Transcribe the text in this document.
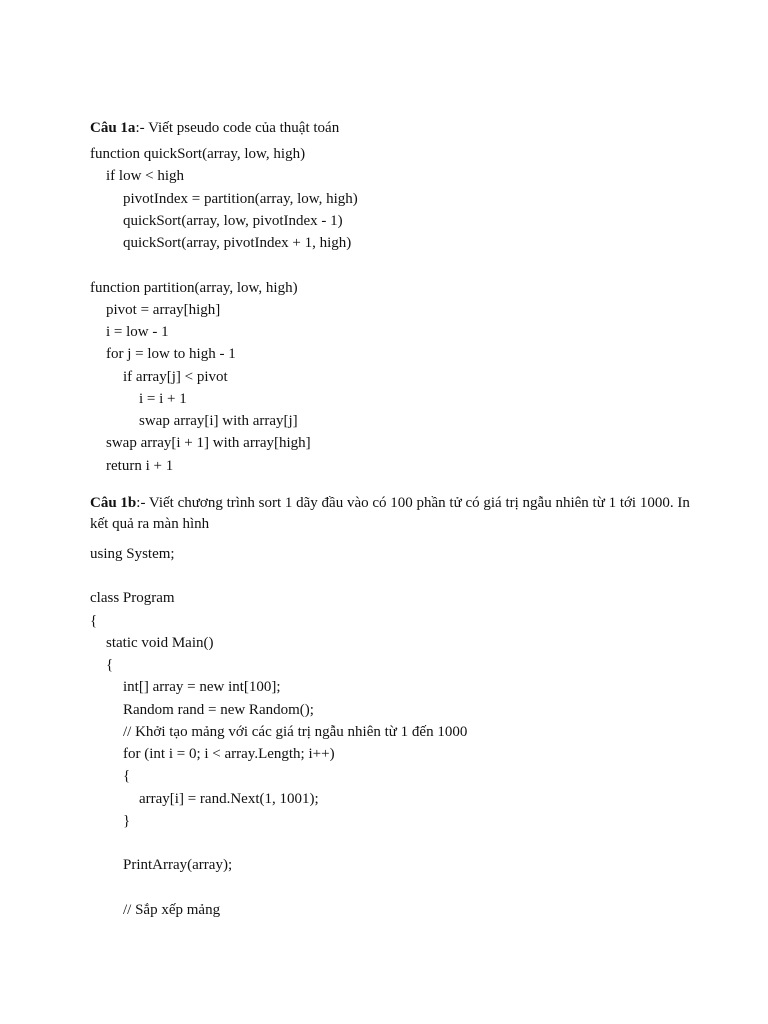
Câu 1a:- Viết pseudo code của thuật toán

function quickSort(array, low, high)
if low < high
pivotIndex = partition(array, low, high)
quickSort(array, low, pivotIndex - 1)
quickSort(array, pivotIndex + 1, high)
function partition(array, low, high)
pivot = array[high]
i = low - 1
for j = low to high - 1
if array[j] < pivot
i = i + 1
swap array[i] with array[j]
swap array[i + 1] with array[high]
return i + 1

Câu 1b:- Viết chương trình sort 1 dãy đầu vào có 100 phần tử có giá trị ngẫu nhiên từ 1 tới 1000. In kết quả ra màn hình

using System;
class Program
{
static void Main()
{
int[] array = new int[100];
Random rand = new Random();
// Khởi tạo mảng với các giá trị ngẫu nhiên từ 1 đến 1000
for (int i = 0; i < array.Length; i++)
{
array[i] = rand.Next(1, 1001);
}
PrintArray(array);
// Sắp xếp mảng
